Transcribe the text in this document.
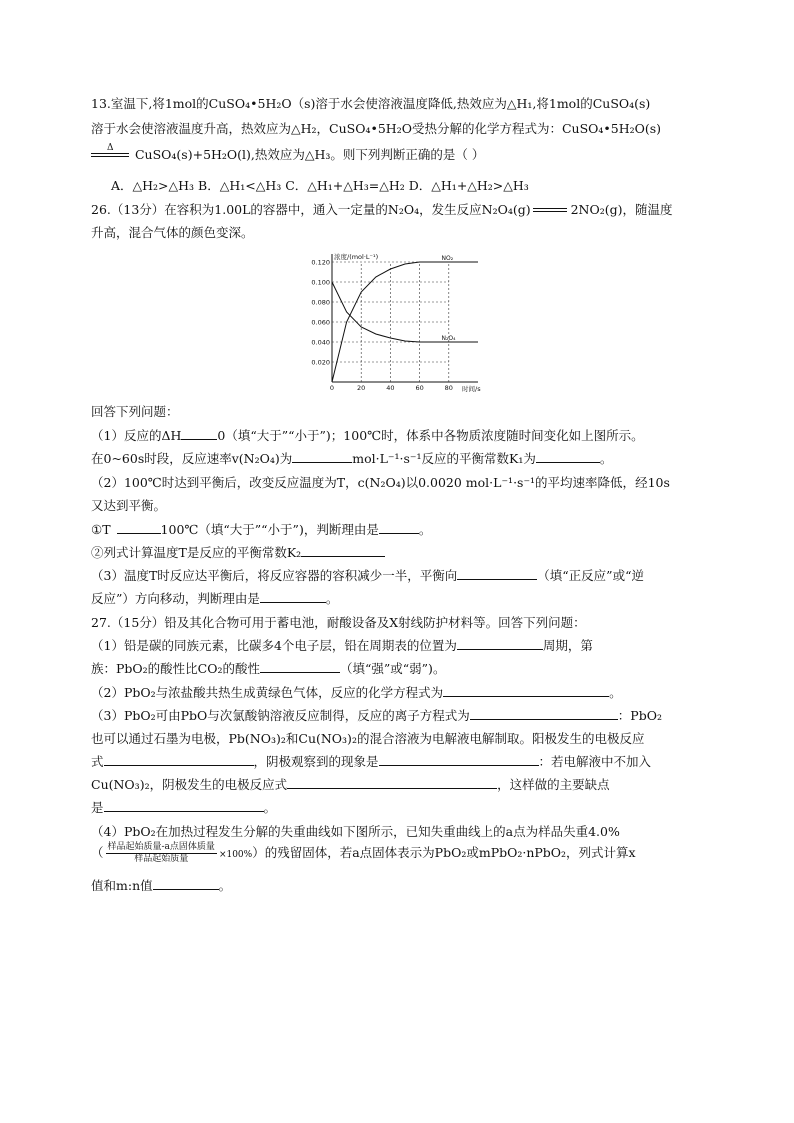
13.室温下,将1mol的CuSO₄•5H₂O（s)溶于水会使溶液温度降低,热效应为△H₁,将1mol的CuSO₄(s)
溶于水会使溶液温度升高，热效应为△H₂，CuSO₄•5H₂O受热分解的化学方程式为：CuSO₄•5H₂O(s)
Δ CuSO₄(s)+5H₂O(l),热效应为△H₃。则下列判断正确的是（ ）
A．△H₂>△H₃ B．△H₁<△H₃ C．△H₁+△H₃=△H₂ D．△H₁+△H₂>△H₃
26.（13分）在容积为1.00L的容器中，通入一定量的N₂O₄，发生反应N₂O₄(g)	2NO₂(g)，随温度
升高，混合气体的颜色变深。
0.020
0.040
0.060
0.080
0.100
0.120
0	20	40	60	80
浓度/(mol·L⁻¹)
时间/s
NO₂
N₂O₄
回答下列问题：
（1）反应的ΔH	0（填“大于”“小于”)；100℃时，体系中各物质浓度随时间变化如上图所示。
在0~60s时段，反应速率v(N₂O₄)为	mol·L⁻¹·s⁻¹反应的平衡常数K₁为	。
（2）100℃时达到平衡后，改变反应温度为T，c(N₂O₄)以0.0020 mol·L⁻¹·s⁻¹的平均速率降低，经10s
又达到平衡。
①T	100℃（填“大于”“小于”)，判断理由是	。
②列式计算温度T是反应的平衡常数K₂
（3）温度T时反应达平衡后，将反应容器的容积减少一半，平衡向	（填“正反应”或“逆
反应”）方向移动，判断理由是	。
27.（15分）铅及其化合物可用于蓄电池，耐酸设备及X射线防护材料等。回答下列问题：
（1）铅是碳的同族元素，比碳多4个电子层，铅在周期表的位置为	周期，第
族：PbO₂的酸性比CO₂的酸性	（填“强”或“弱”)。
（2）PbO₂与浓盐酸共热生成黄绿色气体，反应的化学方程式为	。
（3）PbO₂可由PbO与次氯酸钠溶液反应制得，反应的离子方程式为	：PbO₂
也可以通过石墨为电极，Pb(NO₃)₂和Cu(NO₃)₂的混合溶液为电解液电解制取。阳极发生的电极反应
式	，阴极观察到的现象是	：若电解液中不加入
Cu(NO₃)₂，阴极发生的电极反应式	，这样做的主要缺点
是	。
（4）PbO₂在加热过程发生分解的失重曲线如下图所示，已知失重曲线上的a点为样品失重4.0%
（ $\frac{\text{样品起始质量-a点固体质量}}{\text{样品起始质量}} \times 100\%$）的残留固体，若a点固体表示为PbO₂或mPbO₂·nPbO₂，列式计算x
值和m:n值	。
